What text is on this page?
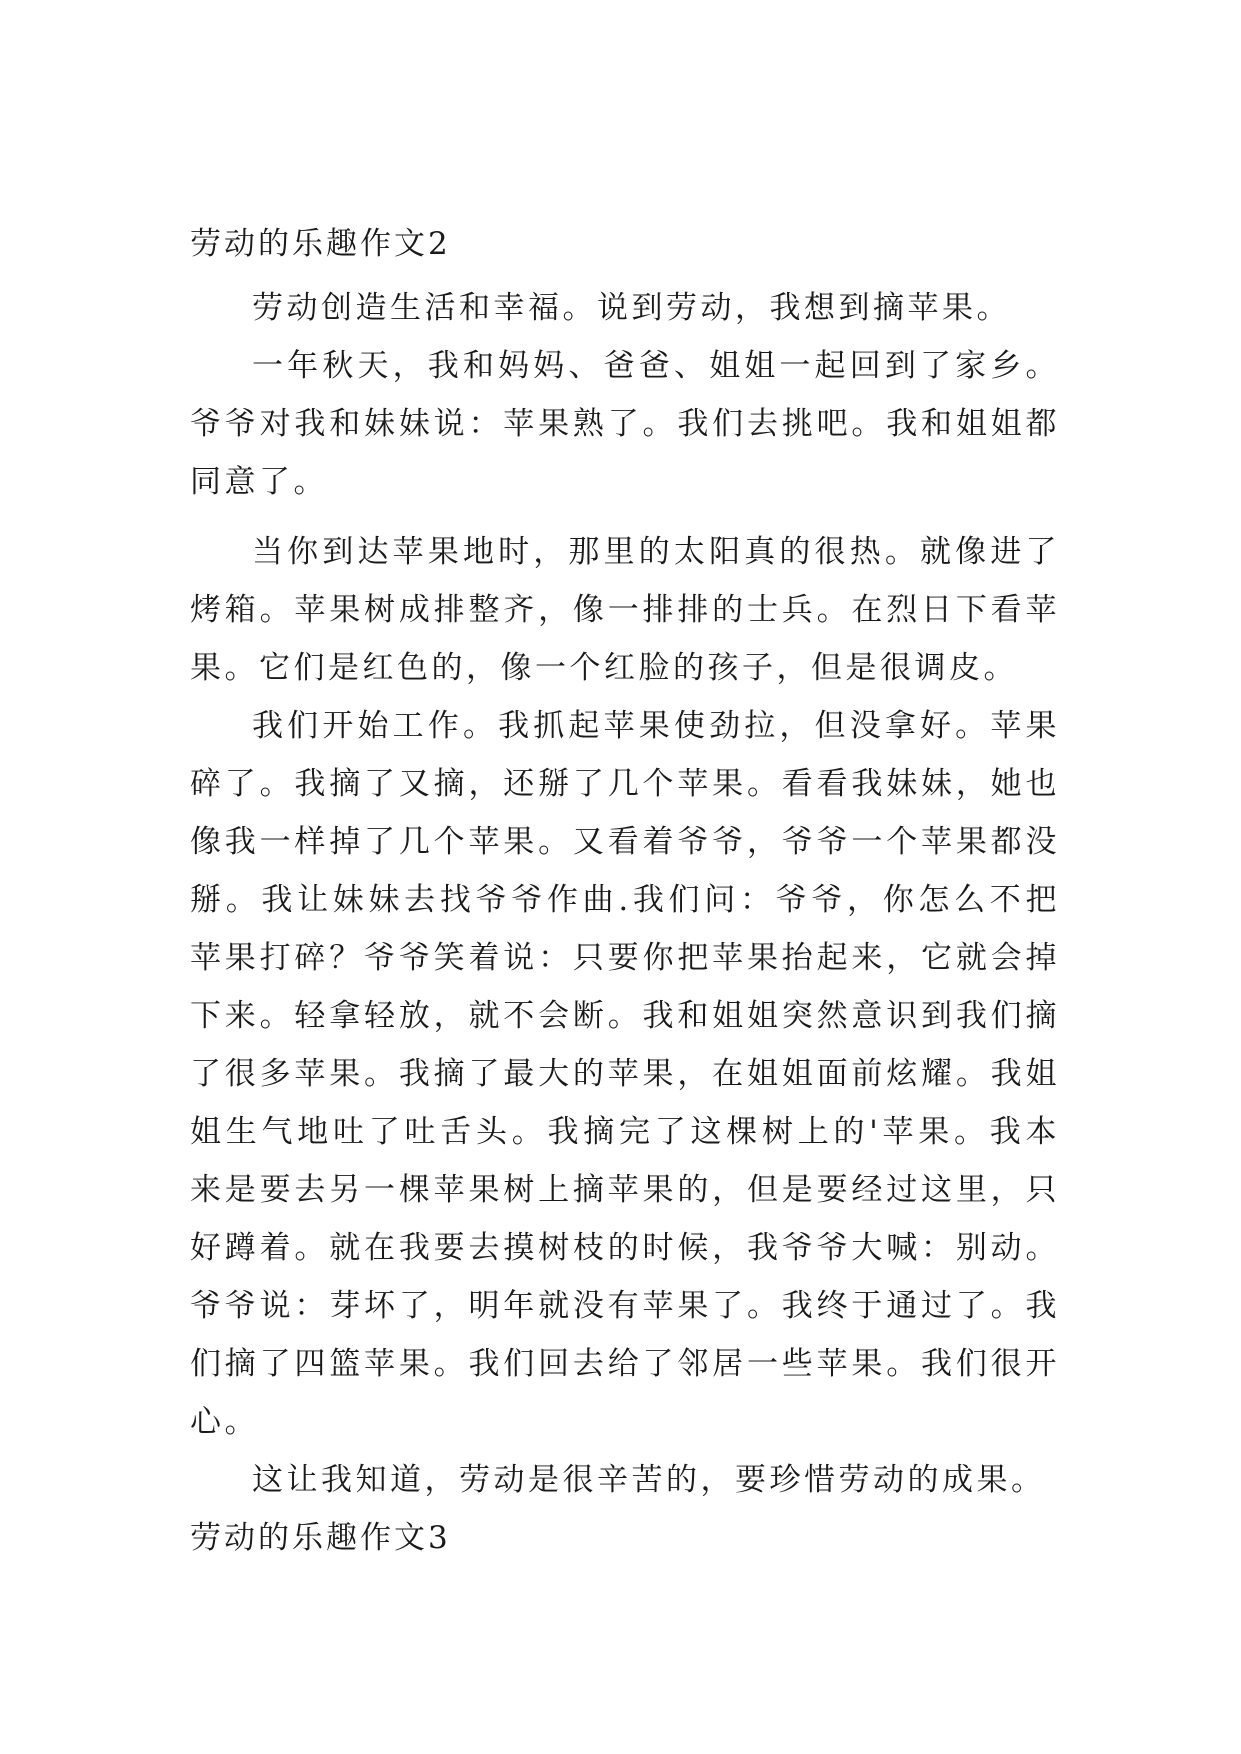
劳动的乐趣作文2

劳动创造生活和幸福。说到劳动，我想到摘苹果。

一年秋天，我和妈妈、爸爸、姐姐一起回到了家乡。爷爷对我和妹妹说：苹果熟了。我们去挑吧。我和姐姐都同意了。

当你到达苹果地时，那里的太阳真的很热。就像进了烤箱。苹果树成排整齐，像一排排的士兵。在烈日下看苹果。它们是红色的，像一个红脸的孩子，但是很调皮。

我们开始工作。我抓起苹果使劲拉，但没拿好。苹果碎了。我摘了又摘，还掰了几个苹果。看看我妹妹，她也像我一样掉了几个苹果。又看着爷爷，爷爷一个苹果都没掰。我让妹妹去找爷爷作曲.我们问：爷爷，你怎么不把苹果打碎？爷爷笑着说：只要你把苹果抬起来，它就会掉下来。轻拿轻放，就不会断。我和姐姐突然意识到我们摘了很多苹果。我摘了最大的苹果，在姐姐面前炫耀。我姐姐生气地吐了吐舌头。我摘完了这棵树上的'苹果。我本来是要去另一棵苹果树上摘苹果的，但是要经过这里，只好蹲着。就在我要去摸树枝的时候，我爷爷大喊：别动。爷爷说：芽坏了，明年就没有苹果了。我终于通过了。我们摘了四篮苹果。我们回去给了邻居一些苹果。我们很开心。

这让我知道，劳动是很辛苦的，要珍惜劳动的成果。

劳动的乐趣作文3
